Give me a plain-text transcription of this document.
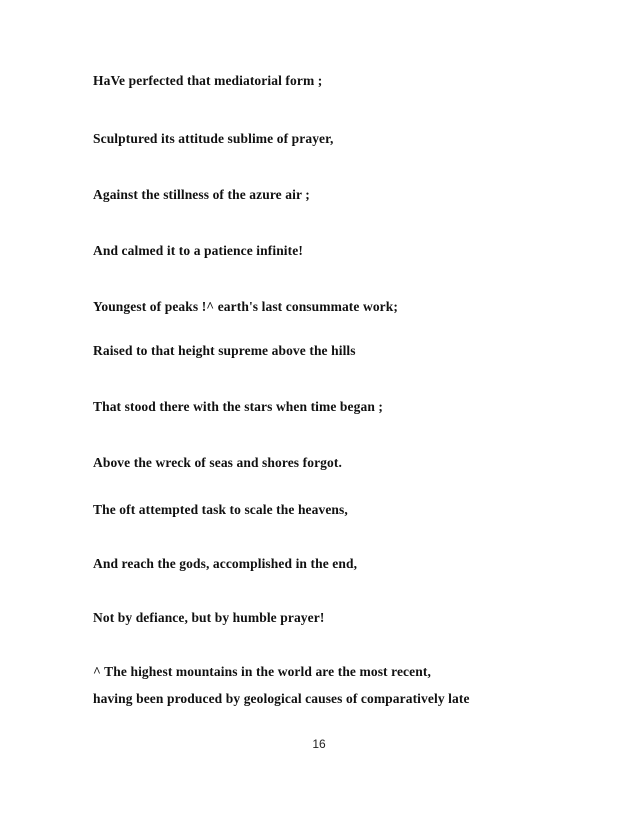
HaVe perfected that mediatorial form ;

Sculptured its attitude sublime of prayer,

Against the stillness of the azure air ;

And calmed it to a patience infinite!

Youngest of peaks !^ earth's last consummate work;

Raised to that height supreme above the hills

That stood there with the stars when time began ;

Above the wreck of seas and shores forgot.

The oft attempted task to scale the heavens,

And reach the gods, accomplished in the end,

Not by defiance, but by humble prayer!

^ The highest mountains in the world are the most recent,

having been produced by geological causes of comparatively late

16
